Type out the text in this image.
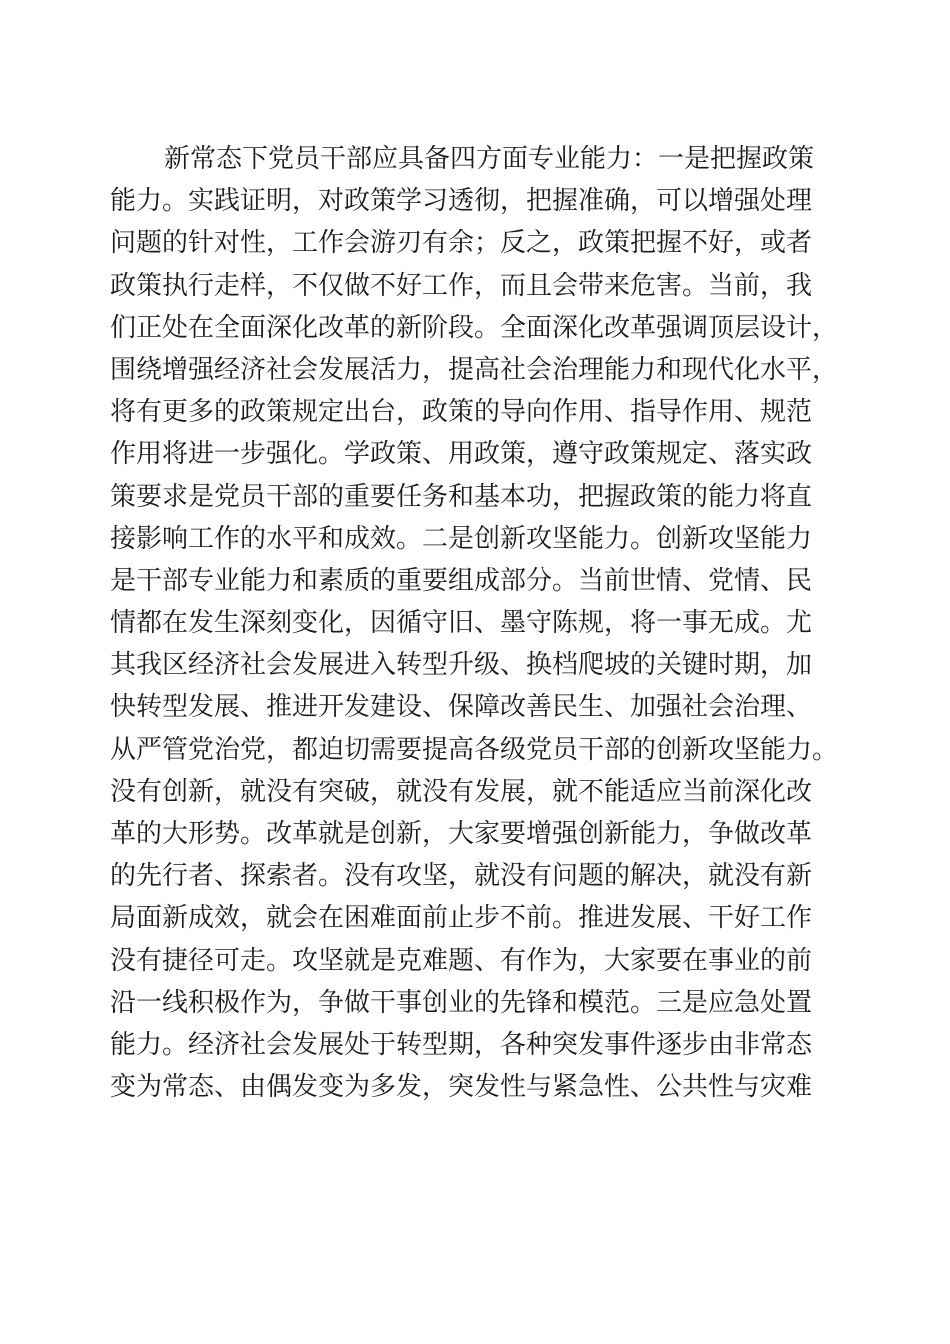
新常态下党员干部应具备四方面专业能力：一是把握政策
能力。实践证明，对政策学习透彻，把握准确，可以增强处理
问题的针对性，工作会游刃有余；反之，政策把握不好，或者
政策执行走样，不仅做不好工作，而且会带来危害。当前，我
们正处在全面深化改革的新阶段。全面深化改革强调顶层设计，
围绕增强经济社会发展活力，提高社会治理能力和现代化水平，
将有更多的政策规定出台，政策的导向作用、指导作用、规范
作用将进一步强化。学政策、用政策，遵守政策规定、落实政
策要求是党员干部的重要任务和基本功，把握政策的能力将直
接影响工作的水平和成效。二是创新攻坚能力。创新攻坚能力
是干部专业能力和素质的重要组成部分。当前世情、党情、民
情都在发生深刻变化，因循守旧、墨守陈规，将一事无成。尤
其我区经济社会发展进入转型升级、换档爬坡的关键时期，加
快转型发展、推进开发建设、保障改善民生、加强社会治理、
从严管党治党，都迫切需要提高各级党员干部的创新攻坚能力。
没有创新，就没有突破，就没有发展，就不能适应当前深化改
革的大形势。改革就是创新，大家要增强创新能力，争做改革
的先行者、探索者。没有攻坚，就没有问题的解决，就没有新
局面新成效，就会在困难面前止步不前。推进发展、干好工作
没有捷径可走。攻坚就是克难题、有作为，大家要在事业的前
沿一线积极作为，争做干事创业的先锋和模范。三是应急处置
能力。经济社会发展处于转型期，各种突发事件逐步由非常态
变为常态、由偶发变为多发，突发性与紧急性、公共性与灾难
